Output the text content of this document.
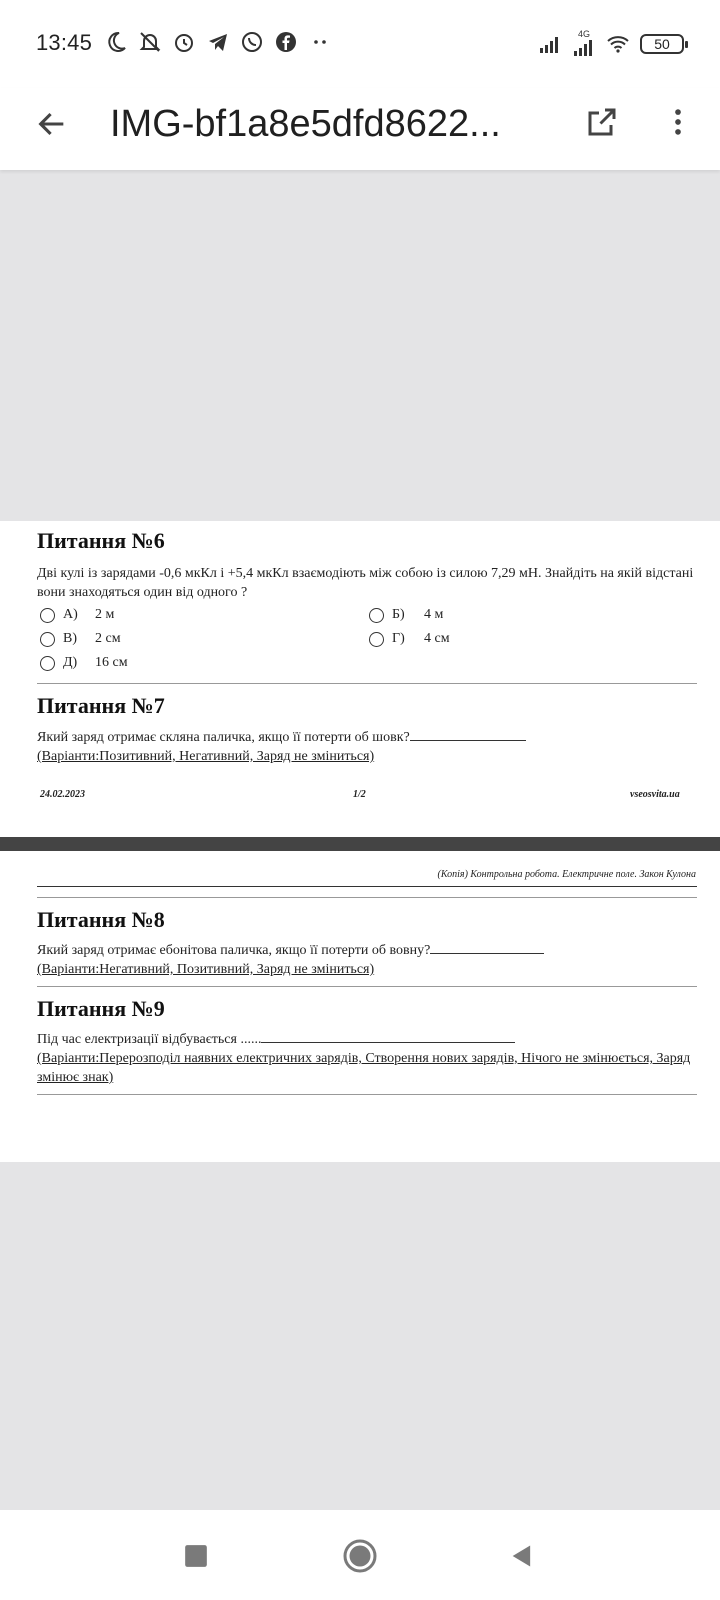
13:45	4G
50
IMG-bf1a8e5dfd8622...
Питання №6
Дві кулі із зарядами -0,6 мкКл і +5,4 мкКл взаємодіють між собою із силою 7,29 мН. Знайдіть на якій відстані вони знаходяться один від одного ?
А)	2 м	Б)	4 м
В)	2 см	Г)	4 см
Д)	16 см
Питання №7
Який заряд отримає скляна паличка, якщо її потерти об шовк?
(Варіанти:Позитивний, Негативний, Заряд не зміниться)
24.02.2023	1/2	vseosvita.ua
(Копія) Контрольна робота. Електричне поле. Закон Кулона
Питання №8
Який заряд отримає ебонітова паличка, якщо її потерти об вовну?
(Варіанти:Негативний, Позитивний, Заряд не зміниться)
Питання №9
Під час електризації відбувається ......
(Варіанти:Перерозподіл наявних електричних зарядів, Створення нових зарядів, Нічого не змінюється, Заряд змінює знак)
